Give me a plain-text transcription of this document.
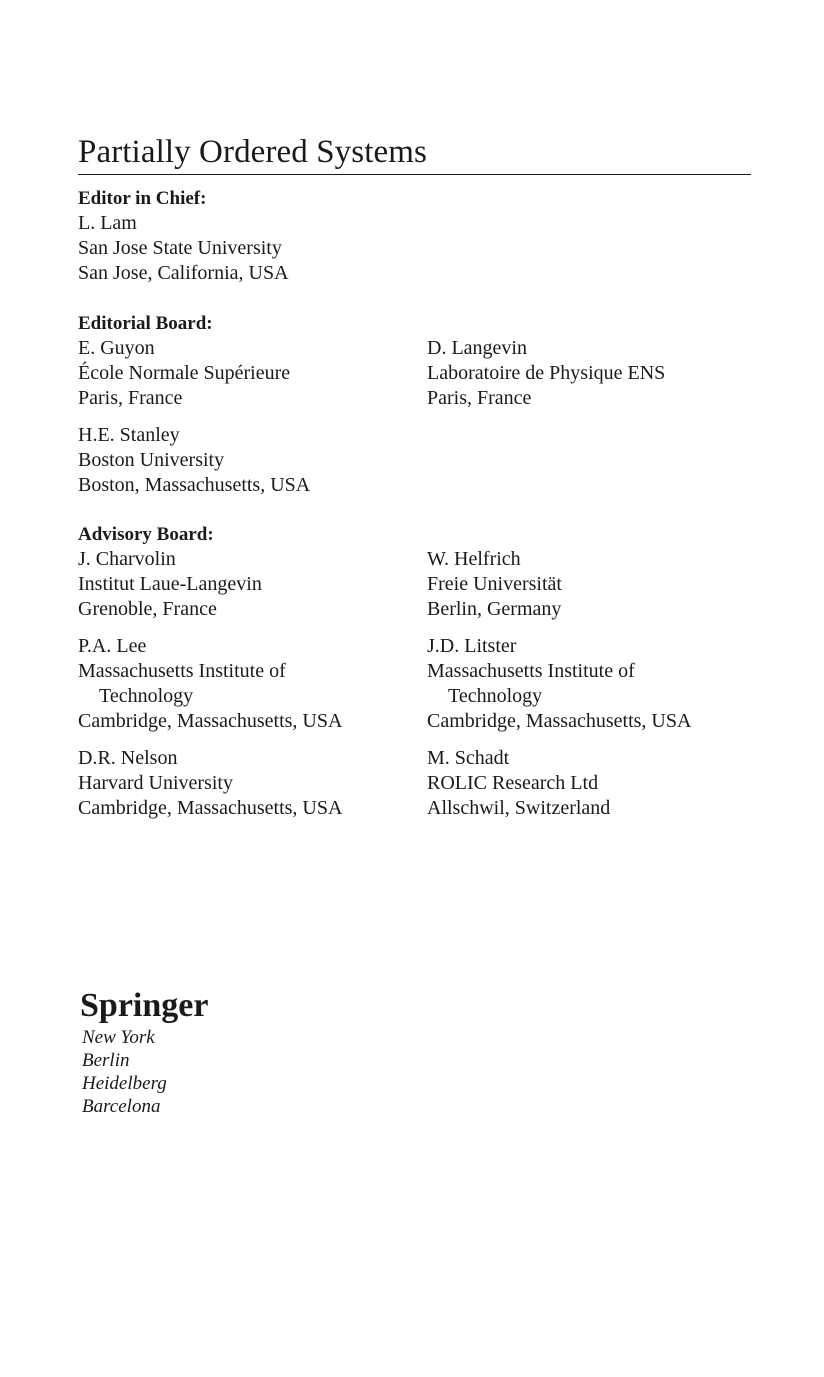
Partially Ordered Systems
Editor in Chief:
L. Lam
San Jose State University
San Jose, California, USA
Editorial Board:
E. Guyon
École Normale Supérieure
Paris, France
D. Langevin
Laboratoire de Physique ENS
Paris, France
H.E. Stanley
Boston University
Boston, Massachusetts, USA
Advisory Board:
J. Charvolin
Institut Laue-Langevin
Grenoble, France
W. Helfrich
Freie Universität
Berlin, Germany
P.A. Lee
Massachusetts Institute of
Technology
Cambridge, Massachusetts, USA
J.D. Litster
Massachusetts Institute of
Technology
Cambridge, Massachusetts, USA
D.R. Nelson
Harvard University
Cambridge, Massachusetts, USA
M. Schadt
ROLIC Research Ltd
Allschwil, Switzerland
Springer
New York
Berlin
Heidelberg
Barcelona
